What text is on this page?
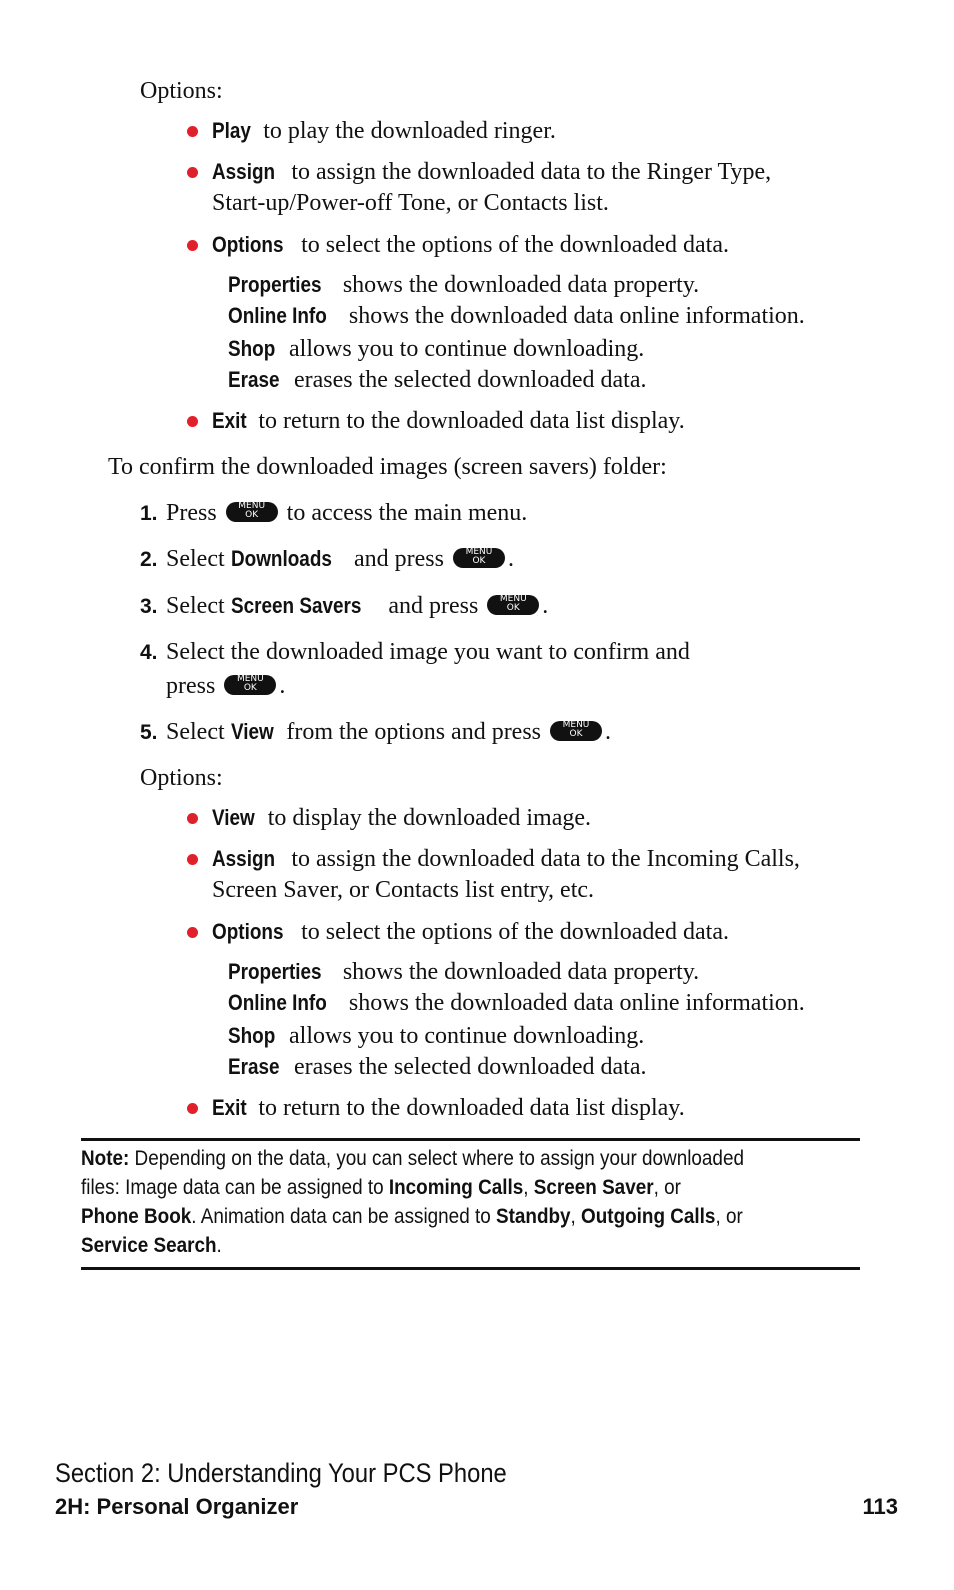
Options:
Play to play the downloaded ringer.
Assign to assign the downloaded data to the Ringer Type,
Start-up/Power-off Tone, or Contacts list.
Options to select the options of the downloaded data.
Properties shows the downloaded data property.
Online Info shows the downloaded data online information.
Shop allows you to continue downloading.
Erase erases the selected downloaded data.
Exit to return to the downloaded data list display.
To confirm the downloaded images (screen savers) folder:
1. Press	MENU
OK	to access the main menu.
2. Select Downloads and press	MENU
OK .
3. Select Screen Savers and press	MENU
OK .
4. Select the downloaded image you want to confirm and
press	MENU
OK .
5. Select View from the options and press	MENU
OK .
Options:
View to display the downloaded image.
Assign to assign the downloaded data to the Incoming Calls,
Screen Saver, or Contacts list entry, etc.
Options to select the options of the downloaded data.
Properties shows the downloaded data property.
Online Info shows the downloaded data online information.
Shop allows you to continue downloading.
Erase erases the selected downloaded data.
Exit to return to the downloaded data list display.
Note: Depending on the data, you can select where to assign your downloaded
files: Image data can be assigned to Incoming Calls, Screen Saver, or
Phone Book. Animation data can be assigned to Standby, Outgoing Calls, or
Service Search.
Section 2: Understanding Your PCS Phone
2H: Personal Organizer	113
